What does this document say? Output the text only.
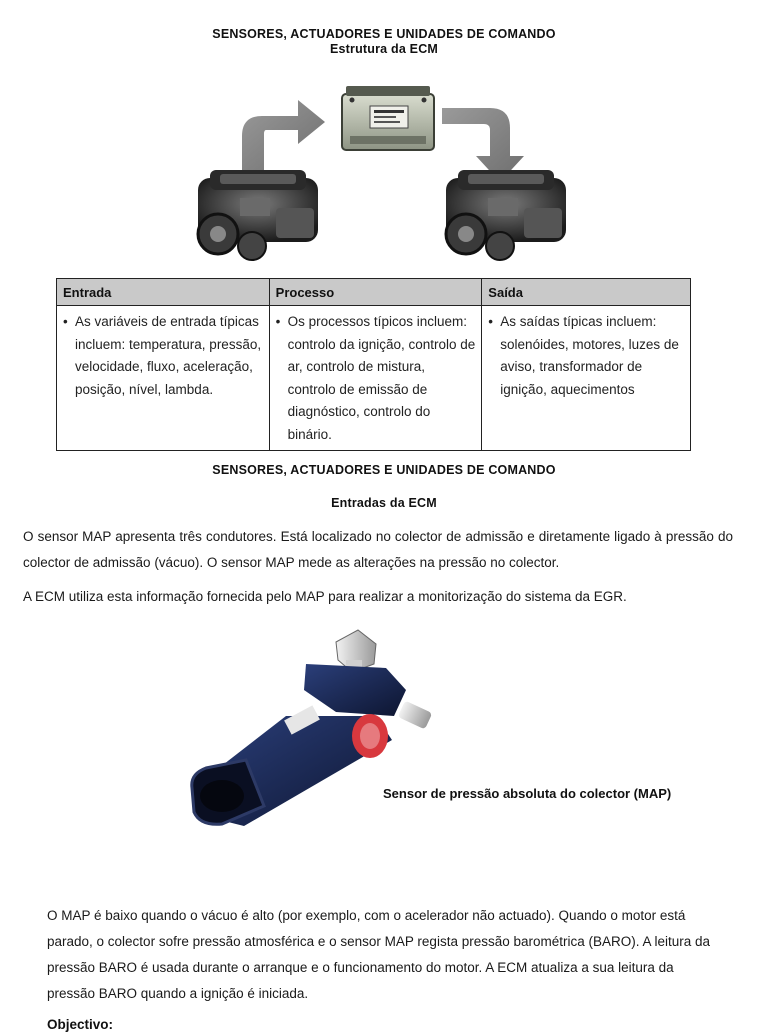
SENSORES, ACTUADORES E UNIDADES DE COMANDO
Estrutura da ECM
Entrada	Processo	Saída

• As variáveis de entrada típicas incluem: temperatura, pressão, velocidade, fluxo, aceleração, posição, nível, lambda.	• Os processos típicos incluem: controlo da ignição, controlo de ar, controlo de mistura, controlo de emissão de diagnóstico, controlo do binário.	• As saídas típicas incluem: solenóides, motores, luzes de aviso, transformador de ignição, aquecimentos
SENSORES, ACTUADORES E UNIDADES DE COMANDO
Entradas da ECM
O sensor MAP apresenta três condutores. Está localizado no colector de admissão e diretamente ligado à pressão do colector de admissão (vácuo). O sensor MAP mede as alterações na pressão no colector.
A ECM utiliza esta informação fornecida pelo MAP para realizar a monitorização do sistema da EGR.
Sensor de pressão absoluta do colector (MAP)
O MAP é baixo quando o vácuo é alto (por exemplo, com o acelerador não actuado). Quando o motor está parado, o colector sofre pressão atmosférica e o sensor MAP regista pressão barométrica (BARO). A leitura da pressão BARO é usada durante o arranque e o funcionamento do motor. A ECM atualiza a sua leitura da pressão BARO quando a ignição é iniciada.
Objectivo:
